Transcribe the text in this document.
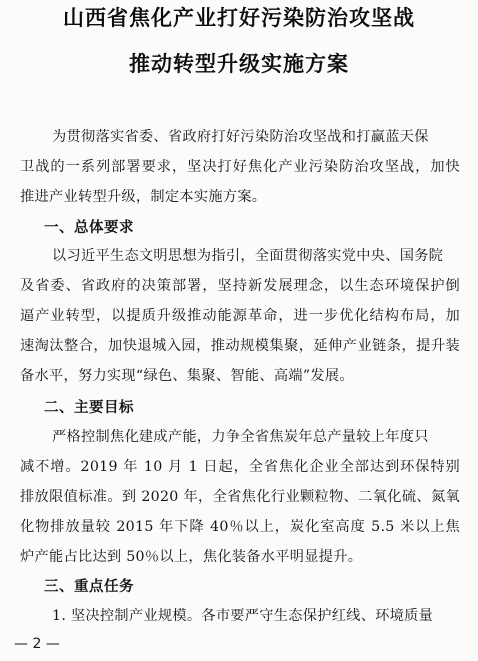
山西省焦化产业打好污染防治攻坚战
推动转型升级实施方案
为贯彻落实省委、省政府打好污染防治攻坚战和打赢蓝天保
卫战的一系列部署要求，坚决打好焦化产业污染防治攻坚战，加快
推进产业转型升级，制定本实施方案。
一、总体要求
以习近平生态文明思想为指引，全面贯彻落实党中央、国务院
及省委、省政府的决策部署，坚持新发展理念，以生态环境保护倒
逼产业转型，以提质升级推动能源革命，进一步优化结构布局，加
速淘汰整合，加快退城入园，推动规模集聚，延伸产业链条，提升装
备水平，努力实现“绿色、集聚、智能、高端”发展。
二、主要目标
严格控制焦化建成产能，力争全省焦炭年总产量较上年度只
减不增。2019 年 10 月 1 日起，全省焦化企业全部达到环保特别
排放限值标准。到 2020 年，全省焦化行业颗粒物、二氧化硫、氮氧
化物排放量较 2015 年下降 40％以上，炭化室高度 5.5 米以上焦
炉产能占比达到 50％以上，焦化装备水平明显提升。
三、重点任务
1. 坚决控制产业规模。各市要严守生态保护红线、环境质量
— 2 —
